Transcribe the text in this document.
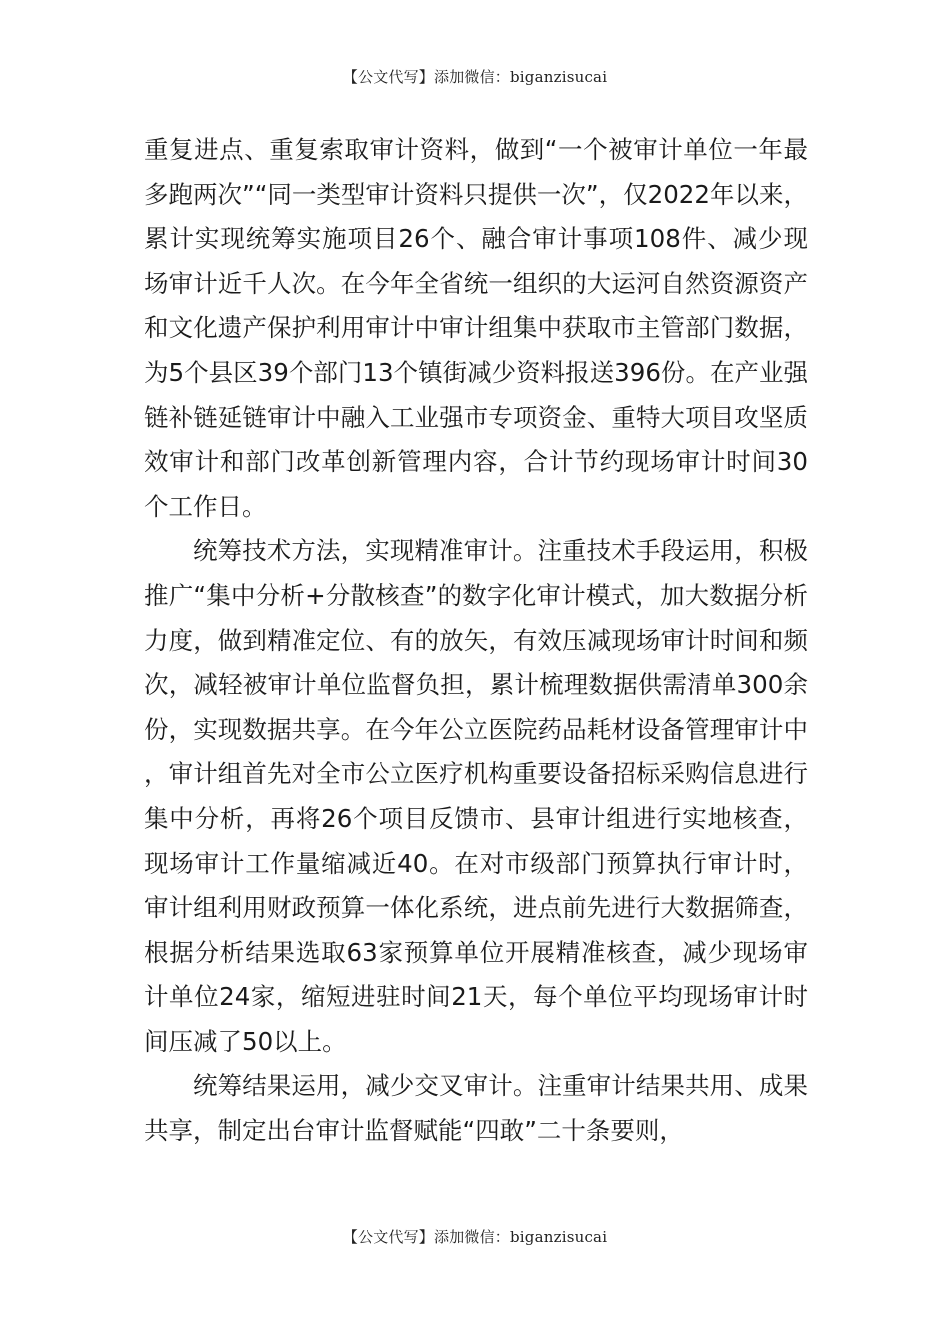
【公文代写】添加微信：biganzisucai

重复进点、重复索取审计资料，做到“一个被审计单位一年最多跑两次”“同一类型审计资料只提供一次”，仅2022年以来，累计实现统筹实施项目26个、融合审计事项108件、减少现场审计近千人次。在今年全省统一组织的大运河自然资源资产和文化遗产保护利用审计中审计组集中获取市主管部门数据，为5个县区39个部门13个镇街减少资料报送396份。在产业强链补链延链审计中融入工业强市专项资金、重特大项目攻坚质效审计和部门改革创新管理内容，合计节约现场审计时间30个工作日。

统筹技术方法，实现精准审计。注重技术手段运用，积极推广“集中分析+分散核查”的数字化审计模式，加大数据分析力度，做到精准定位、有的放矢，有效压减现场审计时间和频次，减轻被审计单位监督负担，累计梳理数据供需清单300余份，实现数据共享。在今年公立医院药品耗材设备管理审计中，审计组首先对全市公立医疗机构重要设备招标采购信息进行集中分析，再将26个项目反馈市、县审计组进行实地核查，现场审计工作量缩减近40。在对市级部门预算执行审计时，审计组利用财政预算一体化系统，进点前先进行大数据筛查，根据分析结果选取63家预算单位开展精准核查，减少现场审计单位24家，缩短进驻时间21天，每个单位平均现场审计时间压减了50以上。

统筹结果运用，减少交叉审计。注重审计结果共用、成果共享，制定出台审计监督赋能“四敢”二十条要则，

【公文代写】添加微信：biganzisucai
